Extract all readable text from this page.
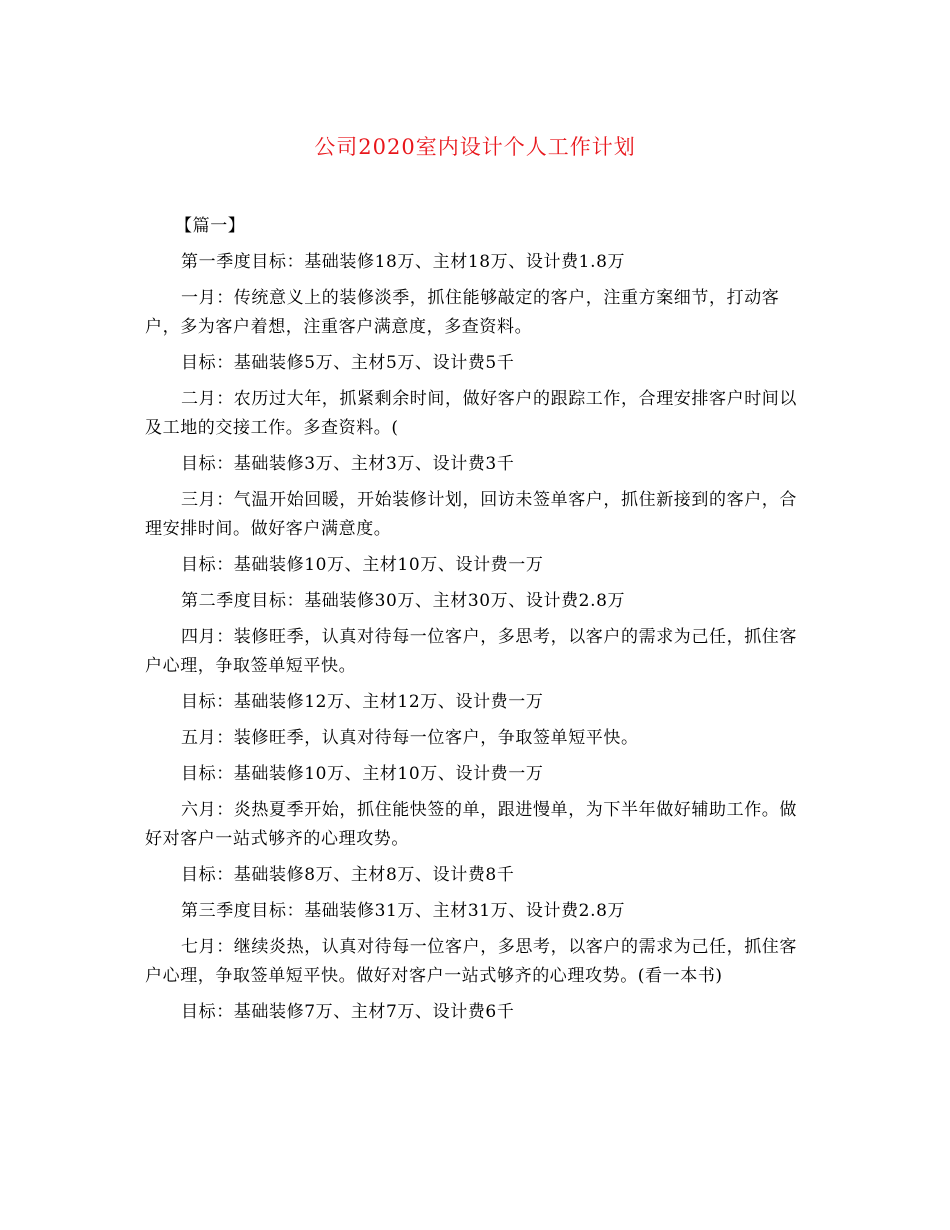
公司2020室内设计个人工作计划

【篇一】

第一季度目标：基础装修18万、主材18万、设计费1.8万

一月：传统意义上的装修淡季，抓住能够敲定的客户，注重方案细节，打动客户，多为客户着想，注重客户满意度，多查资料。

目标：基础装修5万、主材5万、设计费5千

二月：农历过大年，抓紧剩余时间，做好客户的跟踪工作，合理安排客户时间以及工地的交接工作。多查资料。(

目标：基础装修3万、主材3万、设计费3千

三月：气温开始回暖，开始装修计划，回访未签单客户，抓住新接到的客户，合理安排时间。做好客户满意度。

目标：基础装修10万、主材10万、设计费一万

第二季度目标：基础装修30万、主材30万、设计费2.8万

四月：装修旺季，认真对待每一位客户，多思考，以客户的需求为己任，抓住客户心理，争取签单短平快。

目标：基础装修12万、主材12万、设计费一万

五月：装修旺季，认真对待每一位客户，争取签单短平快。

目标：基础装修10万、主材10万、设计费一万

六月：炎热夏季开始，抓住能快签的单，跟进慢单，为下半年做好辅助工作。做好对客户一站式够齐的心理攻势。

目标：基础装修8万、主材8万、设计费8千

第三季度目标：基础装修31万、主材31万、设计费2.8万

七月：继续炎热，认真对待每一位客户，多思考，以客户的需求为己任，抓住客户心理，争取签单短平快。做好对客户一站式够齐的心理攻势。(看一本书)

目标：基础装修7万、主材7万、设计费6千
